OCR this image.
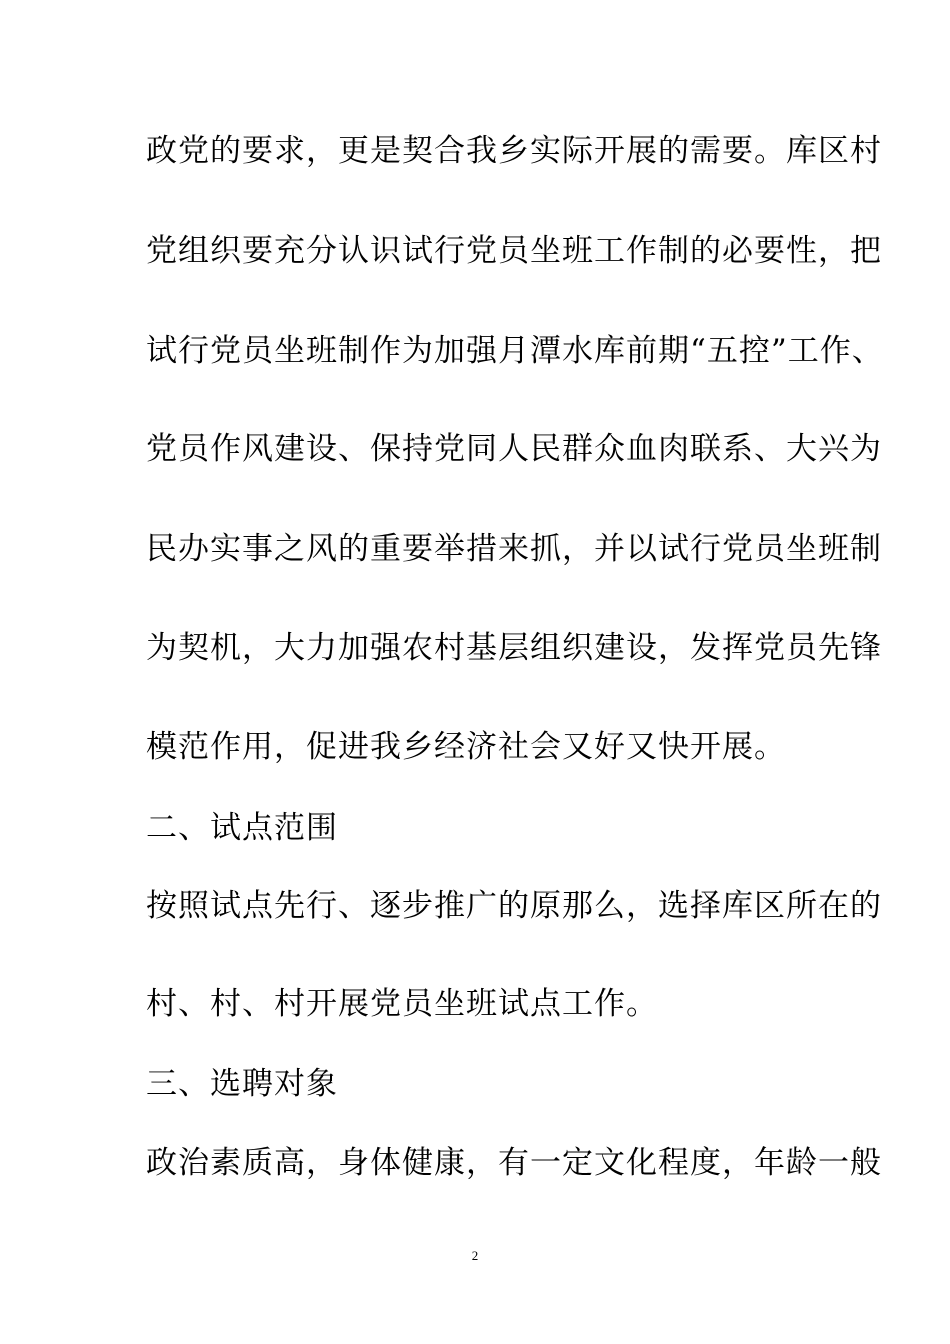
政党的要求，更是契合我乡实际开展的需要。库区村
党组织要充分认识试行党员坐班工作制的必要性，把
试行党员坐班制作为加强月潭水库前期“五控”工作、
党员作风建设、保持党同人民群众血肉联系、大兴为
民办实事之风的重要举措来抓，并以试行党员坐班制
为契机，大力加强农村基层组织建设，发挥党员先锋
模范作用，促进我乡经济社会又好又快开展。
二、试点范围
按照试点先行、逐步推广的原那么，选择库区所在的
村、村、村开展党员坐班试点工作。
三、选聘对象
政治素质高，身体健康，有一定文化程度，年龄一般
2
